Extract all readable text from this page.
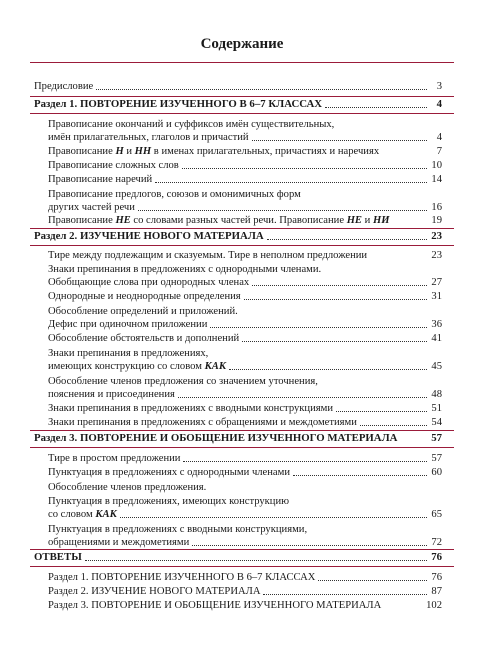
Содержание
Предисловие	3
Раздел 1. ПОВТОРЕНИЕ ИЗУЧЕННОГО В 6–7 КЛАССАХ	4
Правописание окончаний и суффиксов имён существительных,
имён прилагательных, глаголов и причастий	4
Правописание Н и НН в именах прилагательных, причастиях и наречиях	7
Правописание сложных слов	10
Правописание наречий	14
Правописание предлогов, союзов и омонимичных форм
других частей речи	16
Правописание НЕ со словами разных частей речи. Правописание НЕ и НИ	19
Раздел 2. ИЗУЧЕНИЕ НОВОГО МАТЕРИАЛА	23
Тире между подлежащим и сказуемым. Тире в неполном предложении	23
Знаки препинания в предложениях с однородными членами.
Обобщающие слова при однородных членах	27
Однородные и неоднородные определения	31
Обособление определений и приложений.
Дефис при одиночном приложении	36
Обособление обстоятельств и дополнений	41
Знаки препинания в предложениях,
имеющих конструкцию со словом КАК	45
Обособление членов предложения со значением уточнения,
пояснения и присоединения	48
Знаки препинания в предложениях с вводными конструкциями	51
Знаки препинания в предложениях с обращениями и междометиями	54
Раздел 3. ПОВТОРЕНИЕ И ОБОБЩЕНИЕ ИЗУЧЕННОГО МАТЕРИАЛА	57
Тире в простом предложении	57
Пунктуация в предложениях с однородными членами	60
Обособление членов предложения.
Пунктуация в предложениях, имеющих конструкцию
со словом КАК	65
Пунктуация в предложениях с вводными конструкциями,
обращениями и междометиями	72
ОТВЕТЫ	76
Раздел 1. ПОВТОРЕНИЕ ИЗУЧЕННОГО В 6–7 КЛАССАХ	76
Раздел 2. ИЗУЧЕНИЕ НОВОГО МАТЕРИАЛА	87
Раздел 3. ПОВТОРЕНИЕ И ОБОБЩЕНИЕ ИЗУЧЕННОГО МАТЕРИАЛА	102
